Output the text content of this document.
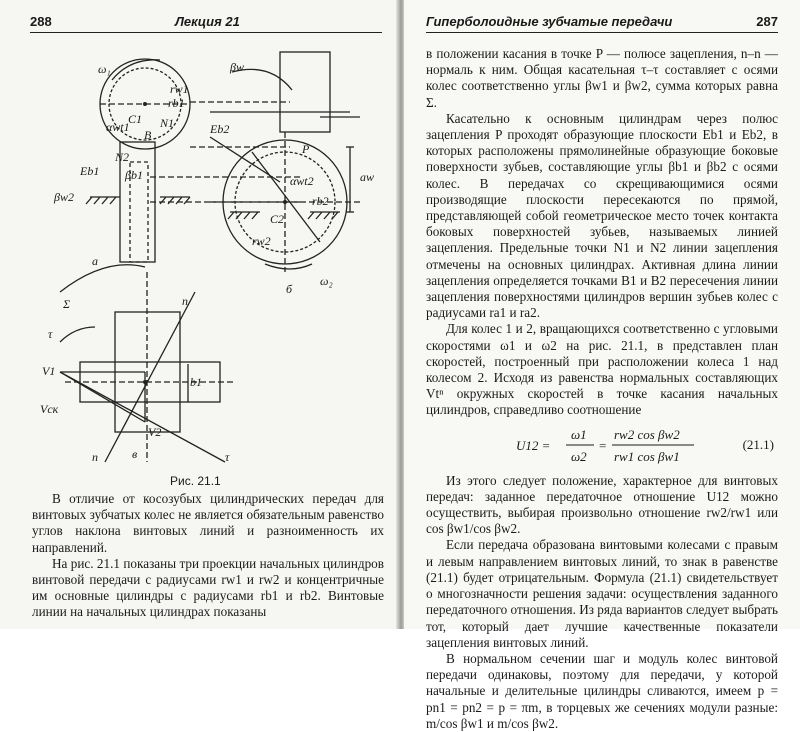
288	Лекция 21
ω₁
ω₂
βw
βb1
βw2
Σ
τ
τ
n
n
aw
а
б
в
P
B
N1
N2
C1
C2
Eb1
Eb2
V1
V2
Vск
b1
rw1
rb1
rw2
rb2
αwt1
αwt2
Рис. 21.1

В отличие от косозубых цилиндрических передач для винтовых зубчатых колес не является обязательным равенство углов наклона винтовых линий и разноименность их направлений.

На рис. 21.1 показаны три проекции начальных цилиндров винтовой передачи с радиусами rw1 и rw2 и концентричные им основные цилиндры с радиусами rb1 и rb2. Винтовые линии на начальных цилиндрах показаны

Гиперболоидные зубчатые передачи	287

в положении касания в точке P — полюсе зацепления, n–n — нормаль к ним. Общая касательная τ–τ составляет с осями колес соответственно углы βw1 и βw2, сумма которых равна Σ.

Касательно к основным цилиндрам через полюс зацепления P проходят образующие плоскости Eb1 и Eb2, в которых расположены прямолинейные образующие боковые поверхности зубьев, составляющие углы βb1 и βb2 с осями колес. В передачах со скрещивающимися осями производящие плоскости пересекаются по прямой, представляющей собой геометрическое место точек контакта боковых поверхностей зубьев, называемых линией зацепления. Предельные точки N1 и N2 линии зацепления отмечены на основных цилиндрах. Активная длина линии зацепления определяется точками B1 и B2 пересечения линии зацепления поверхностями цилиндров вершин зубьев колес с радиусами ra1 и ra2.

Для колес 1 и 2, вращающихся соответственно с угловыми скоростями ω1 и ω2 на рис. 21.1, в представлен план скоростей, построенный при расположении колеса 1 над колесом 2. Исходя из равенства нормальных составляющих Vtⁿ окружных скоростей в точке касания начальных цилиндров, справедливо соотношение

U12 =
ω1
ω2
=
rw2 cos βw2
rw1 cos βw1
(21.1)

Из этого следует положение, характерное для винтовых передач: заданное передаточное отношение U12 можно осуществить, выбирая произвольно отношение rw2/rw1 или cos βw1/cos βw2.

Если передача образована винтовыми колесами с правым и левым направлением винтовых линий, то знак в равенстве (21.1) будет отрицательным. Формула (21.1) свидетельствует о многозначности решения задачи: осуществления заданного передаточного отношения. Из ряда вариантов следует выбрать тот, который дает лучшие качественные показатели зацепления винтовых линий.

В нормальном сечении шаг и модуль колес винтовой передачи одинаковы, поэтому для передачи, у которой начальные и делительные цилиндры сливаются, имеем p = pn1 = pn2 = p = πm, в торцевых же сечениях модули разные: m/cos βw1 и m/cos βw2.
